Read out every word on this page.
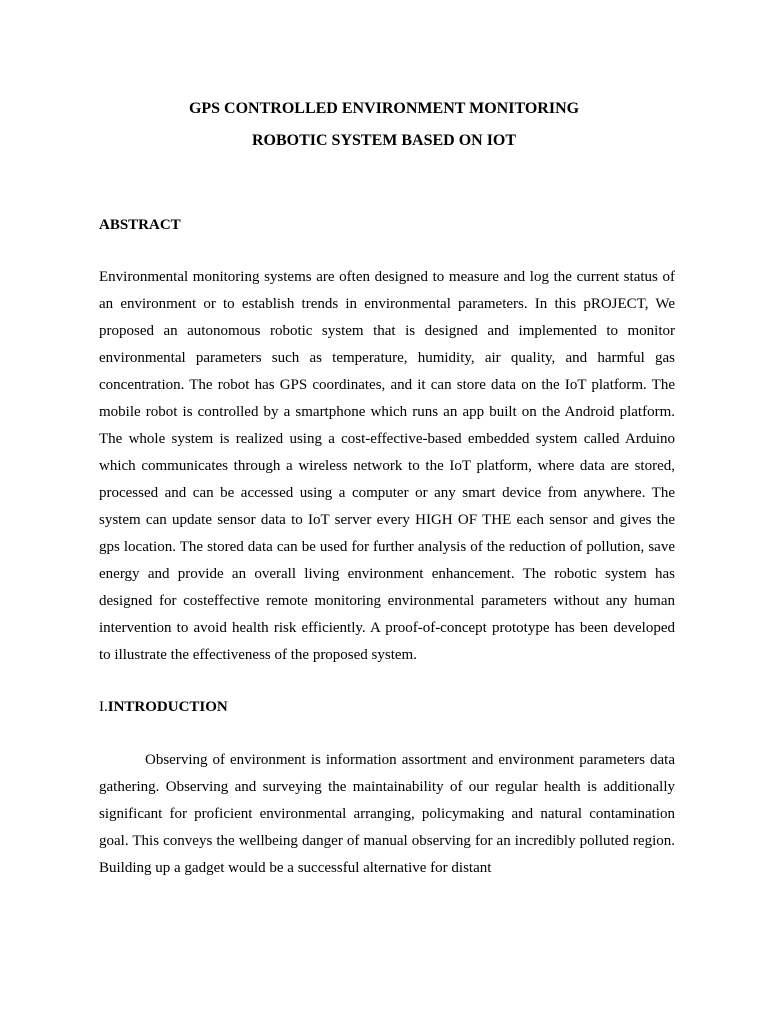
GPS CONTROLLED ENVIRONMENT MONITORING
ROBOTIC SYSTEM BASED ON IOT
ABSTRACT
Environmental monitoring systems are often designed to measure and log the current status of
an environment or to establish trends in environmental parameters. In this pROJECT, We
proposed an autonomous robotic system that is designed and implemented to monitor
environmental parameters such as temperature, humidity, air quality, and harmful gas
concentration. The robot has GPS coordinates, and it can store data on the IoT platform. The
mobile robot is controlled by a smartphone which runs an app built on the Android platform.
The whole system is realized using a cost-effective-based embedded system called Arduino
which communicates through a wireless network to the IoT platform, where data are stored,
processed and can be accessed using a computer or any smart device from anywhere. The
system can update sensor data to IoT server every HIGH OF THE each sensor and gives the
gps location. The stored data can be used for further analysis of the reduction of pollution, save
energy and provide an overall living environment enhancement. The robotic system has
designed for costeffective remote monitoring environmental parameters without any human
intervention to avoid health risk efficiently. A proof-of-concept prototype has been developed
to illustrate the effectiveness of the proposed system.
I.INTRODUCTION
Observing of environment is information assortment and environment parameters data
gathering. Observing and surveying the maintainability of our regular health is additionally
significant for proficient environmental arranging, policymaking and natural contamination
goal. This conveys the wellbeing danger of manual observing for an incredibly polluted region.
Building up a gadget would be a successful alternative for distant
